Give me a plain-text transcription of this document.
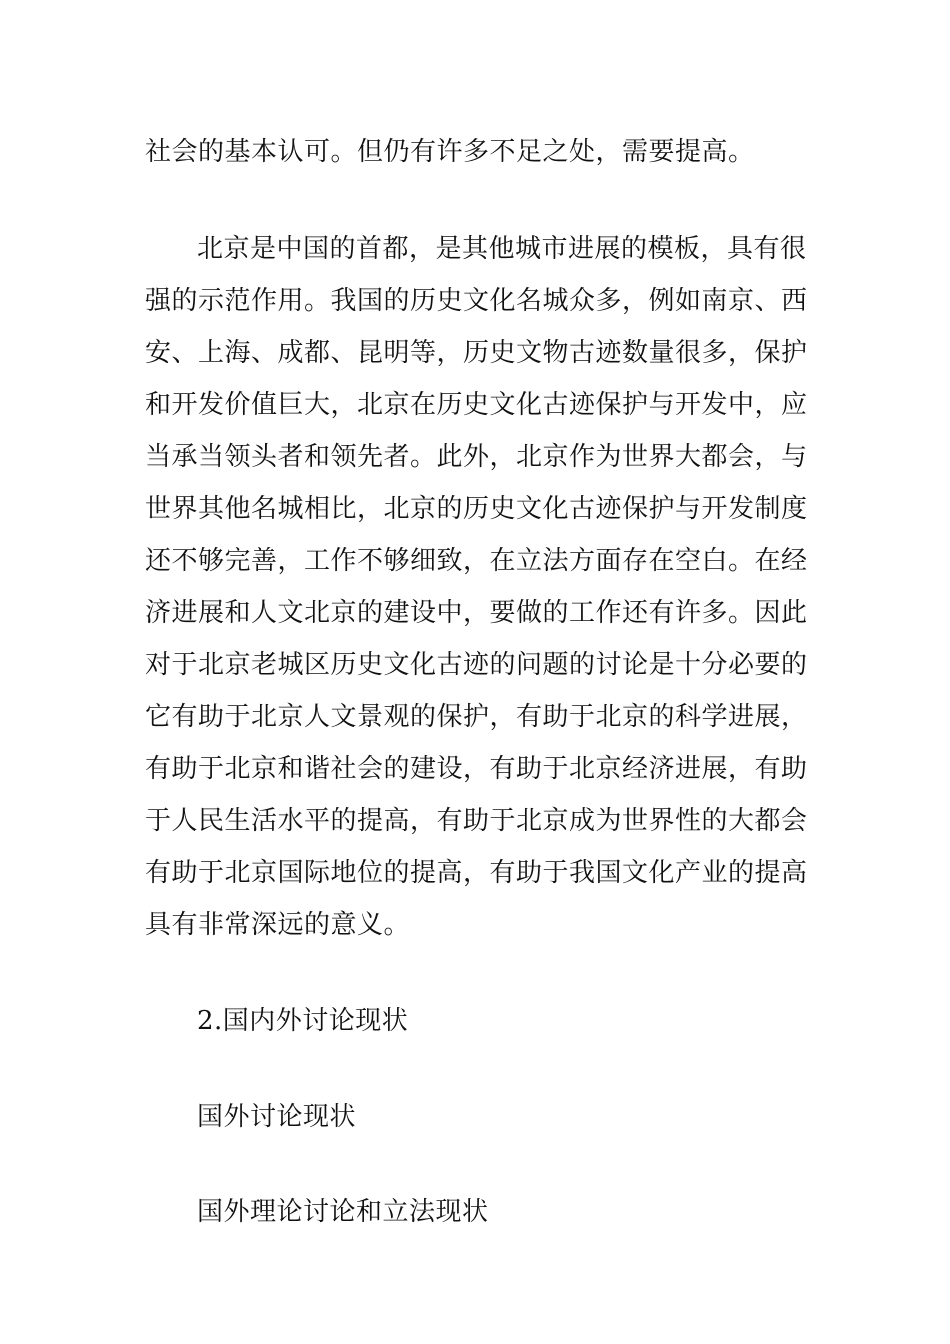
社会的基本认可。但仍有许多不足之处，需要提高。
北京是中国的首都，是其他城市进展的模板，具有很
强的示范作用。我国的历史文化名城众多，例如南京、西
安、上海、成都、昆明等，历史文物古迹数量很多，保护
和开发价值巨大，北京在历史文化古迹保护与开发中，应
当承当领头者和领先者。此外，北京作为世界大都会，与
世界其他名城相比，北京的历史文化古迹保护与开发制度
还不够完善，工作不够细致，在立法方面存在空白。在经
济进展和人文北京的建设中，要做的工作还有许多。因此
对于北京老城区历史文化古迹的问题的讨论是十分必要的
它有助于北京人文景观的保护，有助于北京的科学进展，
有助于北京和谐社会的建设，有助于北京经济进展，有助
于人民生活水平的提高，有助于北京成为世界性的大都会
有助于北京国际地位的提高，有助于我国文化产业的提高
具有非常深远的意义。
2.国内外讨论现状
国外讨论现状
国外理论讨论和立法现状
